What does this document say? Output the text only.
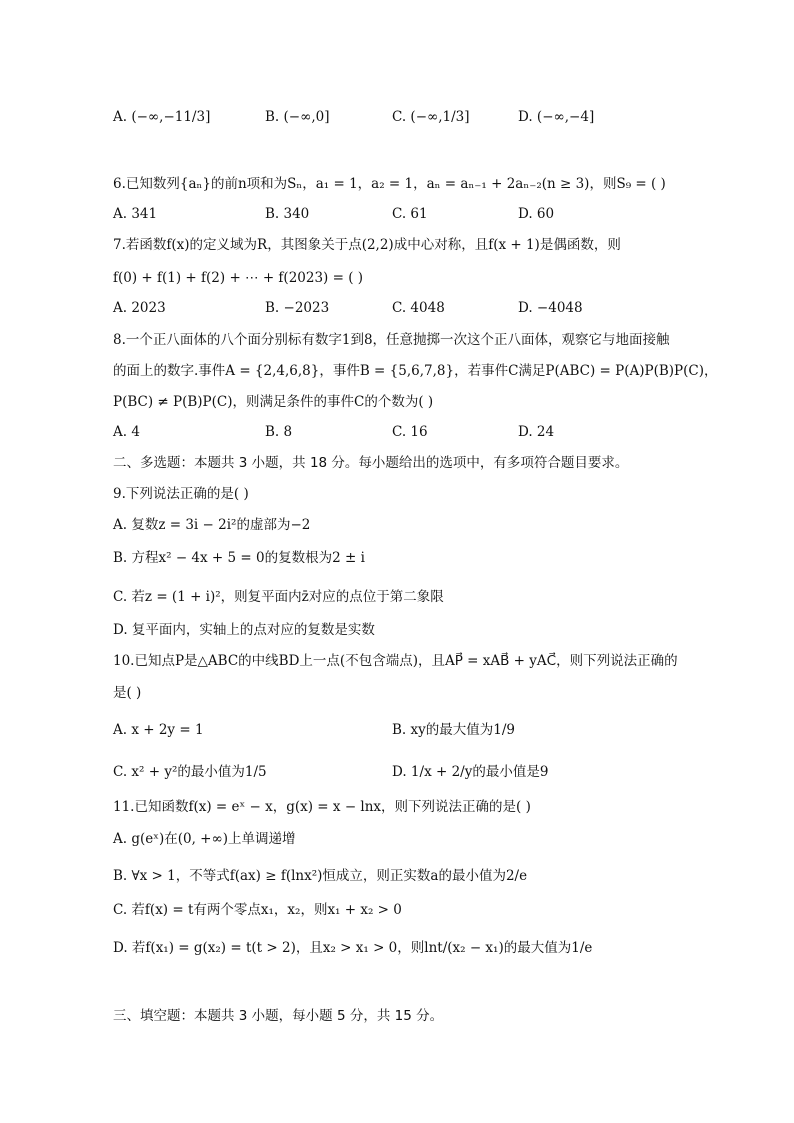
A. (−∞,−11/3]	B. (−∞,0]	C. (−∞,1/3]	D. (−∞,−4]
6.已知数列{aₙ}的前n项和为Sₙ，a₁ = 1，a₂ = 1，aₙ = aₙ₋₁ + 2aₙ₋₂(n ≥ 3)，则S₉ = ( )
A. 341	B. 340	C. 61	D. 60
7.若函数f(x)的定义域为R，其图象关于点(2,2)成中心对称，且f(x + 1)是偶函数，则
f(0) + f(1) + f(2) + ⋯ + f(2023) = ( )
A. 2023	B. −2023	C. 4048	D. −4048
8.一个正八面体的八个面分别标有数字1到8，任意抛掷一次这个正八面体，观察它与地面接触
的面上的数字.事件A = {2,4,6,8}，事件B = {5,6,7,8}，若事件C满足P(ABC) = P(A)P(B)P(C)，
P(BC) ≠ P(B)P(C)，则满足条件的事件C的个数为( )
A. 4	B. 8	C. 16	D. 24
二、多选题：本题共 3 小题，共 18 分。每小题给出的选项中，有多项符合题目要求。
9.下列说法正确的是( )
A. 复数z = 3i − 2i²的虚部为−2
B. 方程x² − 4x + 5 = 0的复数根为2 ± i
C. 若z = (1 + i)²，则复平面内z̄对应的点位于第二象限
D. 复平面内，实轴上的点对应的复数是实数
10.已知点P是△ABC的中线BD上一点(不包含端点)，且AP⃗ = xAB⃗ + yAC⃗，则下列说法正确的
是( )
A. x + 2y = 1	B. xy的最大值为1/9
C. x² + y²的最小值为1/5	D. 1/x + 2/y的最小值是9
11.已知函数f(x) = eˣ − x，g(x) = x − lnx，则下列说法正确的是( )
A. g(eˣ)在(0, +∞)上单调递增
B. ∀x > 1，不等式f(ax) ≥ f(lnx²)恒成立，则正实数a的最小值为2/e
C. 若f(x) = t有两个零点x₁，x₂，则x₁ + x₂ > 0
D. 若f(x₁) = g(x₂) = t(t > 2)，且x₂ > x₁ > 0，则lnt/(x₂ − x₁)的最大值为1/e
三、填空题：本题共 3 小题，每小题 5 分，共 15 分。
